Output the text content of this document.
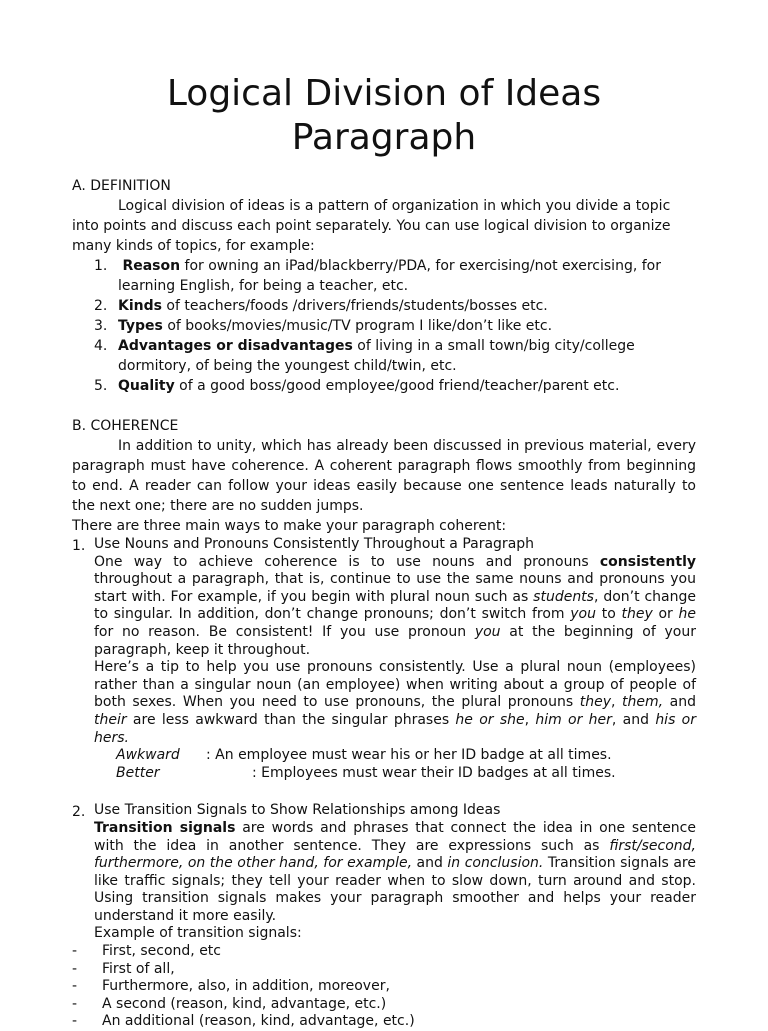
Logical Division of Ideas
Paragraph
A. DEFINITION
Logical division of ideas is a pattern of organization in which you divide a topic into points and discuss each point separately. You can use logical division to organize many kinds of topics, for example:
1. Reason for owning an iPad/blackberry/PDA, for exercising/not exercising, for learning English, for being a teacher, etc.
2. Kinds of teachers/foods /drivers/friends/students/bosses etc.
3. Types of books/movies/music/TV program I like/don’t like etc.
4. Advantages or disadvantages of living in a small town/big city/college dormitory, of being the youngest child/twin, etc.
5. Quality of a good boss/good employee/good friend/teacher/parent etc.
B. COHERENCE
In addition to unity, which has already been discussed in previous material, every paragraph must have coherence. A coherent paragraph flows smoothly from beginning to end. A reader can follow your ideas easily because one sentence leads naturally to the next one; there are no sudden jumps.
There are three main ways to make your paragraph coherent:
1. Use Nouns and Pronouns Consistently Throughout a Paragraph
One way to achieve coherence is to use nouns and pronouns consistently throughout a paragraph, that is, continue to use the same nouns and pronouns you start with. For example, if you begin with plural noun such as students, don’t change to singular. In addition, don’t change pronouns; don’t switch from you to they or he for no reason. Be consistent! If you use pronoun you at the beginning of your paragraph, keep it throughout.
Here’s a tip to help you use pronouns consistently. Use a plural noun (employees) rather than a singular noun (an employee) when writing about a group of people of both sexes. When you need to use pronouns, the plural pronouns they, them, and their are less awkward than the singular phrases he or she, him or her, and his or hers.
Awkward : An employee must wear his or her ID badge at all times.
Better	: Employees must wear their ID badges at all times.
2. Use Transition Signals to Show Relationships among Ideas
Transition signals are words and phrases that connect the idea in one sentence with the idea in another sentence. They are expressions such as first/second, furthermore, on the other hand, for example, and in conclusion. Transition signals are like traffic signals; they tell your reader when to slow down, turn around and stop. Using transition signals makes your paragraph smoother and helps your reader understand it more easily.
Example of transition signals:
- First, second, etc
- First of all,
- Furthermore, also, in addition, moreover,
- A second (reason, kind, advantage, etc.)
- An additional (reason, kind, advantage, etc.)
